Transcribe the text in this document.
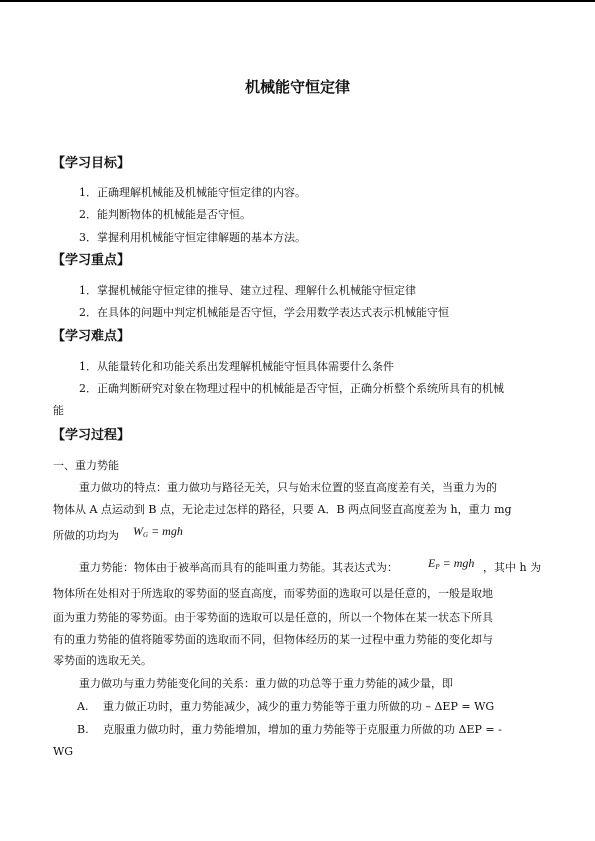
机械能守恒定律
【学习目标】
1．正确理解机械能及机械能守恒定律的内容。
2．能判断物体的机械能是否守恒。
3．掌握利用机械能守恒定律解题的基本方法。
【学习重点】
1．掌握机械能守恒定律的推导、建立过程、理解什么机械能守恒定律
2．在具体的问题中判定机械能是否守恒，学会用数学表达式表示机械能守恒
【学习难点】
1．从能量转化和功能关系出发理解机械能守恒具体需要什么条件
2．正确判断研究对象在物理过程中的机械能是否守恒，正确分析整个系统所具有的机械
能
【学习过程】
一、重力势能
重力做功的特点：重力做功与路径无关，只与始末位置的竖直高度差有关，当重力为的
物体从 A 点运动到 B 点，无论走过怎样的路径，只要 A．B 两点间竖直高度差为 h，重力 mg
所做的功均为 $W_G$ = mgh
重力势能：物体由于被举高而具有的能叫重力势能。其表达式为：	$E_P$ = mgh ，其中 h 为
物体所在处相对于所选取的零势面的竖直高度，而零势面的选取可以是任意的，一般是取地
面为重力势能的零势面。由于零势面的选取可以是任意的，所以一个物体在某一状态下所具
有的重力势能的值将随零势面的选取而不同，但物体经历的某一过程中重力势能的变化却与
零势面的选取无关。
重力做功与重力势能变化间的关系：重力做的功总等于重力势能的减少量，即
A. 重力做正功时，重力势能减少，减少的重力势能等于重力所做的功 – ΔEP = WG
B. 克服重力做功时，重力势能增加，增加的重力势能等于克服重力所做的功 ΔEP = -
WG
